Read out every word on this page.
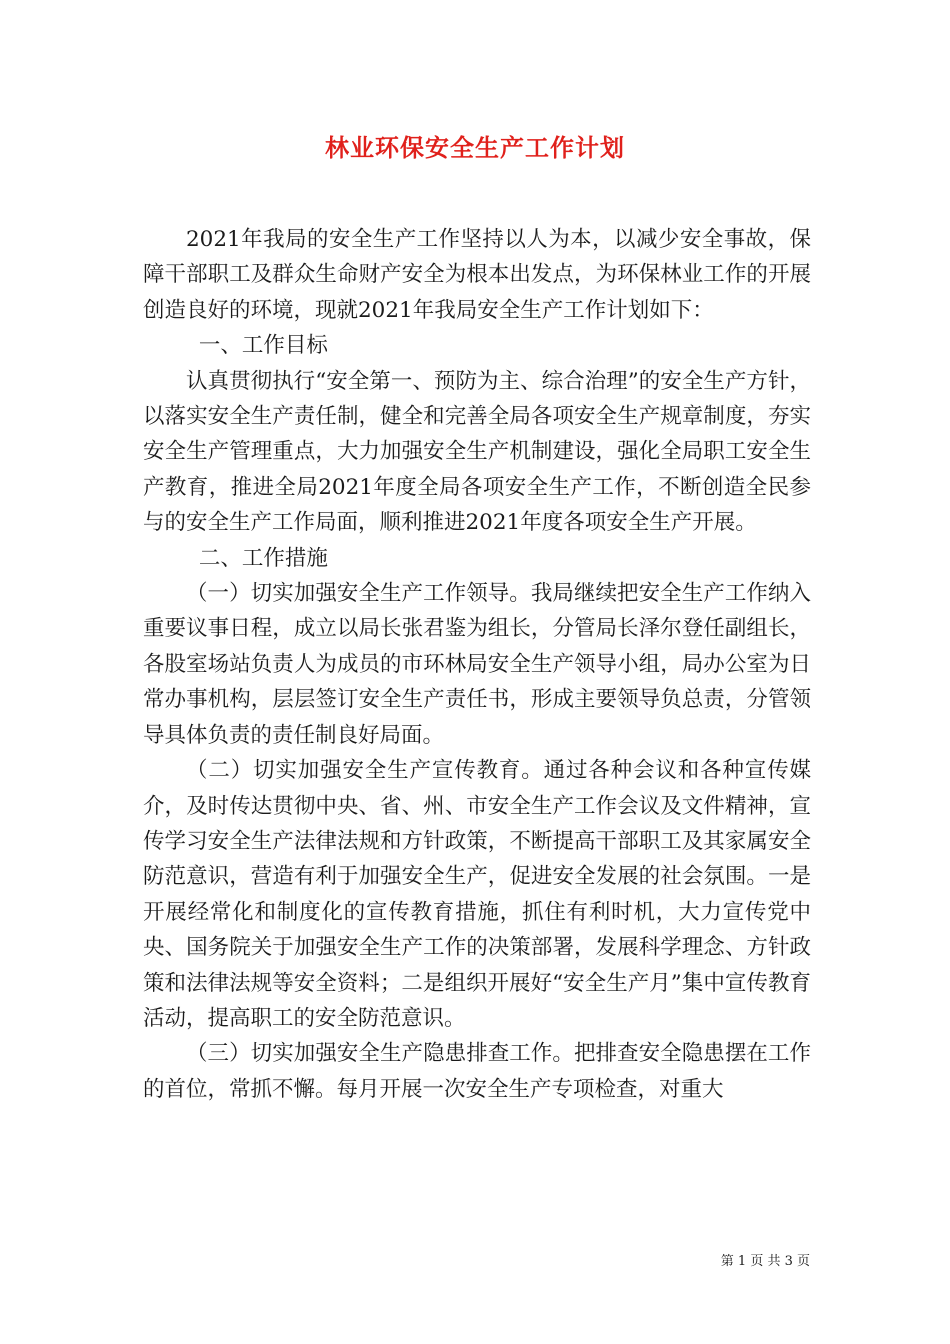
林业环保安全生产工作计划

2021年我局的安全生产工作坚持以人为本，以减少安全事故，保障干部职工及群众生命财产安全为根本出发点，为环保林业工作的开展创造良好的环境，现就2021年我局安全生产工作计划如下：

一、工作目标

认真贯彻执行“安全第一、预防为主、综合治理”的安全生产方针，以落实安全生产责任制，健全和完善全局各项安全生产规章制度，夯实安全生产管理重点，大力加强安全生产机制建设，强化全局职工安全生产教育，推进全局2021年度全局各项安全生产工作，不断创造全民参与的安全生产工作局面，顺利推进2021年度各项安全生产开展。

二、工作措施

（一）切实加强安全生产工作领导。我局继续把安全生产工作纳入重要议事日程，成立以局长张君鉴为组长，分管局长泽尔登任副组长，各股室场站负责人为成员的市环林局安全生产领导小组，局办公室为日常办事机构，层层签订安全生产责任书，形成主要领导负总责，分管领导具体负责的责任制良好局面。

（二）切实加强安全生产宣传教育。通过各种会议和各种宣传媒介，及时传达贯彻中央、省、州、市安全生产工作会议及文件精神，宣传学习安全生产法律法规和方针政策，不断提高干部职工及其家属安全防范意识，营造有利于加强安全生产，促进安全发展的社会氛围。一是开展经常化和制度化的宣传教育措施，抓住有利时机，大力宣传党中央、国务院关于加强安全生产工作的决策部署，发展科学理念、方针政策和法律法规等安全资料；二是组织开展好“安全生产月”集中宣传教育活动，提高职工的安全防范意识。

（三）切实加强安全生产隐患排查工作。把排查安全隐患摆在工作的首位，常抓不懈。每月开展一次安全生产专项检查，对重大

第 1 页 共 3 页
